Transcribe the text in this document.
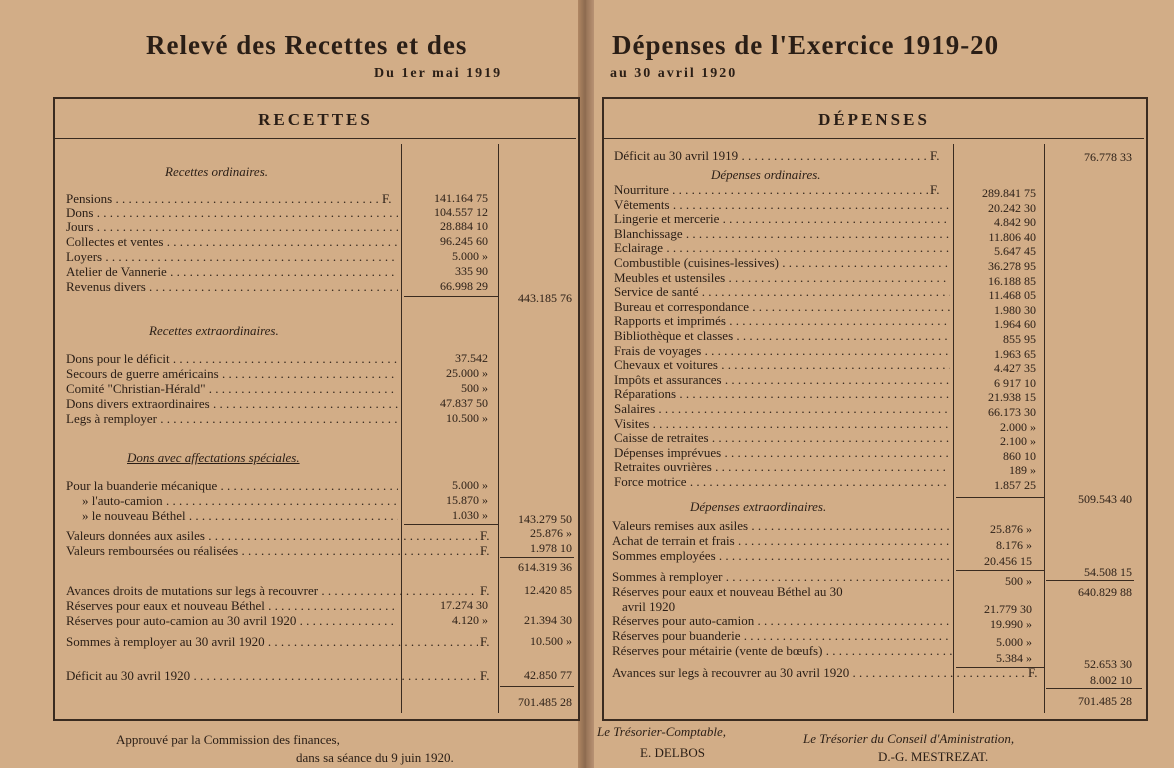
Relevé des Recettes et des	Dépenses de l'Exercice 1919-20
Du 1er mai 1919	au 30 avril 1920
RECETTES
Recettes ordinaires.
Pensions . . .	F.	141.164 75
Dons . . .	104.557 12
Jours . . .	28.884 10
Collectes et ventes . . .	96.245 60
Loyers . . .	5.000 »
Atelier de Vannerie . . .	335 90
Revenus divers . . .	66.998 29
443.185 76
Recettes extraordinaires.
Dons pour le déficit . . .	37.542
Secours de guerre américains . . .	25.000 »
Comité "Christian-Hérald" . . .	500 »
Dons divers extraordinaires . . .	47.837 50
Legs à remployer . . .	10.500 »
Dons avec affectations spéciales.
Pour la buanderie mécanique . . .	5.000 »
» l'auto-camion . . .	15.870 »
» le nouveau Béthel . . .	1.030 »	143.279 50
Valeurs données aux asiles . . .	F.	25.876 »
Valeurs remboursées ou réalisées . . .	F.	1.978 10
614.319 36
Avances droits de mutations sur legs à recouvrer . . .	F.	12.420 85
Réserves pour eaux et nouveau Béthel . . .	17.274 30
Réserves pour auto-camion au 30 avril 1920 . . .	4.120 »	21.394 30
Sommes à remployer au 30 avril 1920 . . .	F.	10.500 »
Déficit au 30 avril 1920 . . .	F.	42.850 77
701.485 28
DÉPENSES
Déficit au 30 avril 1919 . . .	F.	76.778 33
Dépenses ordinaires.
Nourriture . . .	F.	289.841 75
Vêtements . . .	20.242 30
Lingerie et mercerie . . .	4.842 90
Blanchissage . . .	11.806 40
Eclairage . . .	5.647 45
Combustible (cuisines-lessives) . . .	36.278 95
Meubles et ustensiles . . .	16.188 85
Service de santé . . .	11.468 05
Bureau et correspondance . . .	1.980 30
Rapports et imprimés . . .	1.964 60
Bibliothèque et classes . . .	855 95
Frais de voyages . . .	1.963 65
Chevaux et voitures . . .	4.427 35
Impôts et assurances . . .	6 917 10
Réparations . . .	21.938 15
Salaires . . .	66.173 30
Visites . . .	2.000 »
Caisse de retraites . . .	2.100 »
Dépenses imprévues . . .	860 10
Retraites ouvrières . . .	189 »
Force motrice . . .	1.857 25
509.543 40
Dépenses extraordinaires.
Valeurs remises aux asiles . . .	25.876 »
Achat de terrain et frais . . .	8.176 »
Sommes employées . . .	20.456 15
Sommes à remployer . . .	500 »
54.508 15
640.829 88
Réserves pour eaux et nouveau Béthel au 30
avril 1920	21.779 30
Réserves pour auto-camion . . .	19.990 »
Réserves pour buanderie . . .	5.000 »
Réserves pour métairie (vente de bœufs) . . .	5.384 »	52.653 30
Avances sur legs à recouvrer au 30 avril 1920 . . .	F.	8.002 10
701.485 28
Approuvé par la Commission des finances,
dans sa séance du 9 juin 1920.
Le Trésorier-Comptable,
E. DELBOS
Le Trésorier du Conseil d'Aministration,
D.-G. MESTREZAT.
